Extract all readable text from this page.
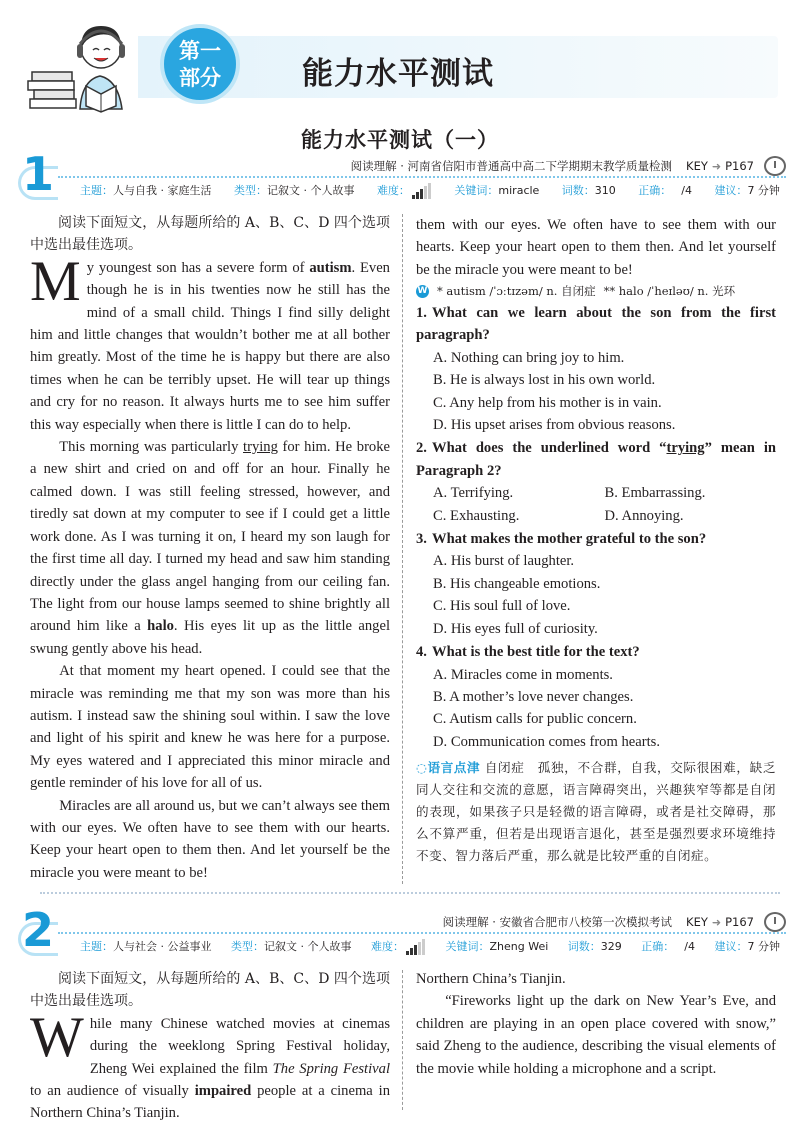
第一
部分	能力水平测试
能力水平测试（一）
1	阅读理解 · 河南省信阳市普通高中高二下学期期末教学质量检测 KEY ➜ P167
主题：人与自我 · 家庭生活 类型：记叙文 · 个人故事 难度：	关键词：miracle 词数：310 正确： /4 建议：7 分钟

阅读下面短文，从每题所给的 A、B、C、D 四个选项中选出最佳选项。

My youngest son has a severe form of autism. Even though he is in his twenties now he still has the mind of a small child. Things I find silly delight him and little changes that wouldn’t bother me at all bother him greatly. Most of the time he is happy but there are also times when he can be terribly upset. He will tear up things and cry for no reason. It always hurts me to see him suffer this way especially when there is little I can do to help.

This morning was particularly trying for him. He broke a new shirt and cried on and off for an hour. Finally he calmed down. I was still feeling stressed, however, and tiredly sat down at my computer to see if I could get a little work done. As I was turning it on, I heard my son laugh for the first time all day. I turned my head and saw him standing directly under the glass angel hanging from our ceiling fan. The light from our house lamps seemed to shine brightly all around him like a halo. His eyes lit up as the little angel swung gently above his head.

At that moment my heart opened. I could see that the miracle was reminding me that my son was more than his autism. I instead saw the shining soul within. I saw the love and light of his spirit and knew he was here for a purpose. My eyes watered and I appreciated this minor miracle and gentle reminder of his love for all of us.

Miracles are all around us, but we can’t always see them with our eyes. We often have to see them with our hearts. Keep your heart open to them then. And let yourself be the miracle you were meant to be!

them with our eyes. We often have to see them with our hearts. Keep your heart open to them then. And let yourself be the miracle you were meant to be!

W * autism /ˈɔːtɪzəm/ n. 自闭症 ** halo /ˈheɪləʊ/ n. 光环
1. What can we learn about the son from the first paragraph?
A. Nothing can bring joy to him.
B. He is always lost in his own world.
C. Any help from his mother is in vain.
D. His upset arises from obvious reasons.
2. What does the underlined word “trying” mean in Paragraph 2?
A. Terrifying.	B. Embarrassing.
C. Exhausting.	D. Annoying.
3. What makes the mother grateful to the son?
A. His burst of laughter.
B. His changeable emotions.
C. His soul full of love.
D. His eyes full of curiosity.
4. What is the best title for the text?
A. Miracles come in moments.
B. A mother’s love never changes.
C. Autism calls for public concern.
D. Communication comes from hearts.
◌语言点津 自闭症　孤独，不合群，自我，交际很困难，缺乏同人交往和交流的意愿，语言障碍突出，兴趣狭窄等都是自闭的表现，如果孩子只是轻微的语言障碍，或者是社交障碍，那么不算严重，但若是出现语言退化，甚至是强烈要求环境维持不变、智力落后严重，那么就是比较严重的自闭症。
2	阅读理解 · 安徽省合肥市八校第一次模拟考试 KEY ➜ P167
主题：人与社会 · 公益事业 类型：记叙文 · 个人故事 难度：	关键词：Zheng Wei 词数：329 正确： /4 建议：7 分钟

阅读下面短文，从每题所给的 A、B、C、D 四个选项中选出最佳选项。

While many Chinese watched movies at cinemas during the weeklong Spring Festival holiday, Zheng Wei explained the film The Spring Festival to an audience of visually impaired people at a cinema in Northern China’s Tianjin.

Northern China’s Tianjin.

“Fireworks light up the dark on New Year’s Eve, and children are playing in an open place covered with snow,” said Zheng to the audience, describing the visual elements of the movie while holding a microphone and a script.
